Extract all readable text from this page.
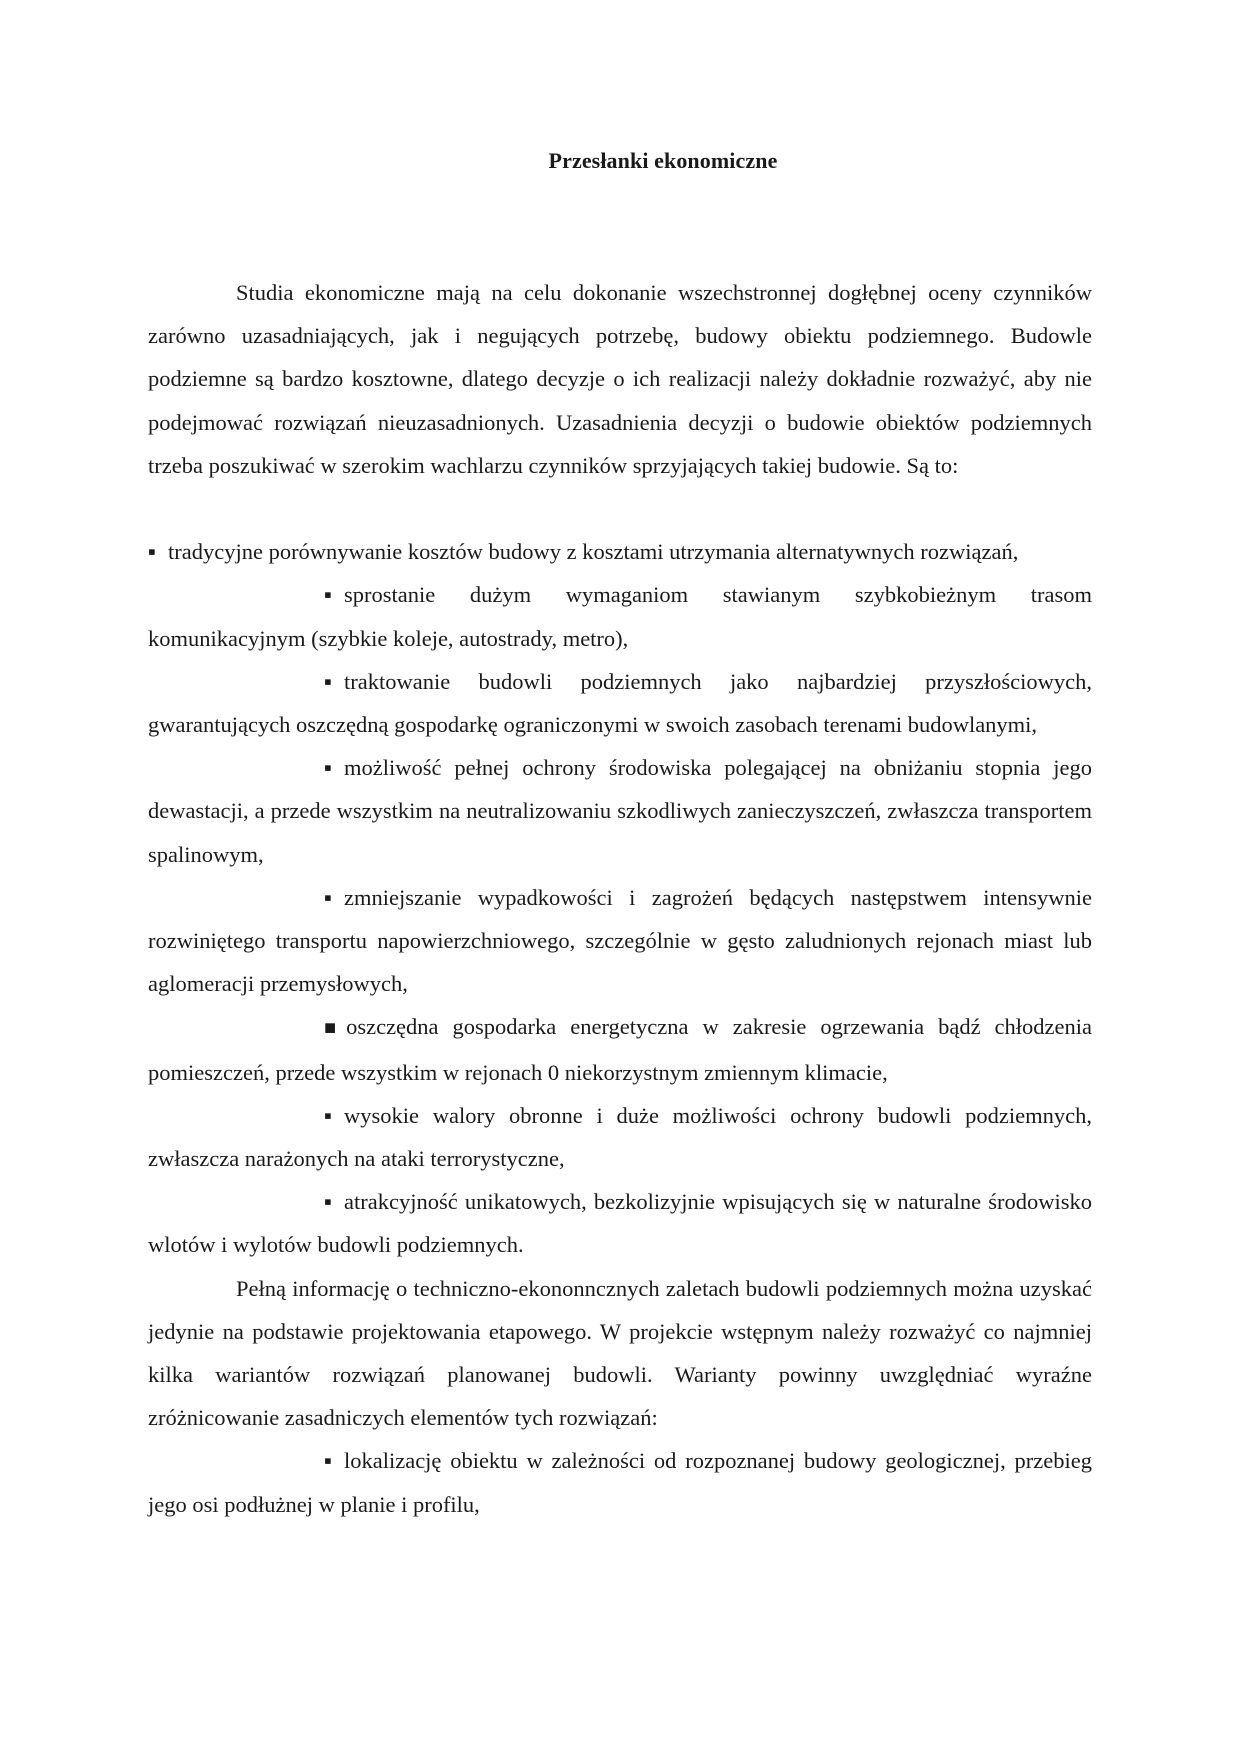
Przesłanki ekonomiczne

Studia ekonomiczne mają na celu dokonanie wszechstronnej dogłębnej oceny czynników zarówno uzasadniających, jak i negujących potrzebę, budowy obiektu podziemnego. Budowle podziemne są bardzo kosztowne, dlatego decyzje o ich realizacji należy dokładnie rozważyć, aby nie podejmować rozwiązań nieuzasadnionych. Uzasadnienia decyzji o budowie obiektów podziemnych trzeba poszukiwać w szerokim wachlarzu czynników sprzyjających takiej budowie. Są to:

▪ tradycyjne porównywanie kosztów budowy z kosztami utrzymania alternatywnych rozwiązań,

▪ sprostanie dużym wymaganiom stawianym szybkobieżnym trasom komunikacyjnym (szybkie koleje, autostrady, metro),

▪ traktowanie budowli podziemnych jako najbardziej przyszłościowych, gwarantujących oszczędną gospodarkę ograniczonymi w swoich zasobach terenami budowlanymi,

▪ możliwość pełnej ochrony środowiska polegającej na obniżaniu stopnia jego dewastacji, a przede wszystkim na neutralizowaniu szkodliwych zanieczyszczeń, zwłaszcza transportem spalinowym,

▪ zmniejszanie wypadkowości i zagrożeń będących następstwem intensywnie rozwiniętego transportu napowierzchniowego, szczególnie w gęsto zaludnionych rejonach miast lub aglomeracji przemysłowych,

■ oszczędna gospodarka energetyczna w zakresie ogrzewania bądź chłodzenia pomieszczeń, przede wszystkim w rejonach 0 niekorzystnym zmiennym klimacie,

▪ wysokie walory obronne i duże możliwości ochrony budowli podziemnych, zwłaszcza narażonych na ataki terrorystyczne,

▪ atrakcyjność unikatowych, bezkolizyjnie wpisujących się w naturalne środowisko wlotów i wylotów budowli podziemnych.

Pełną informację o techniczno-ekononncznych zaletach budowli podziemnych można uzyskać jedynie na podstawie projektowania etapowego. W projekcie wstępnym należy rozważyć co najmniej kilka wariantów rozwiązań planowanej budowli. Warianty powinny uwzględniać wyraźne zróżnicowanie zasadniczych elementów tych rozwiązań:

▪ lokalizację obiektu w zależności od rozpoznanej budowy geologicznej, przebieg jego osi podłużnej w planie i profilu,
